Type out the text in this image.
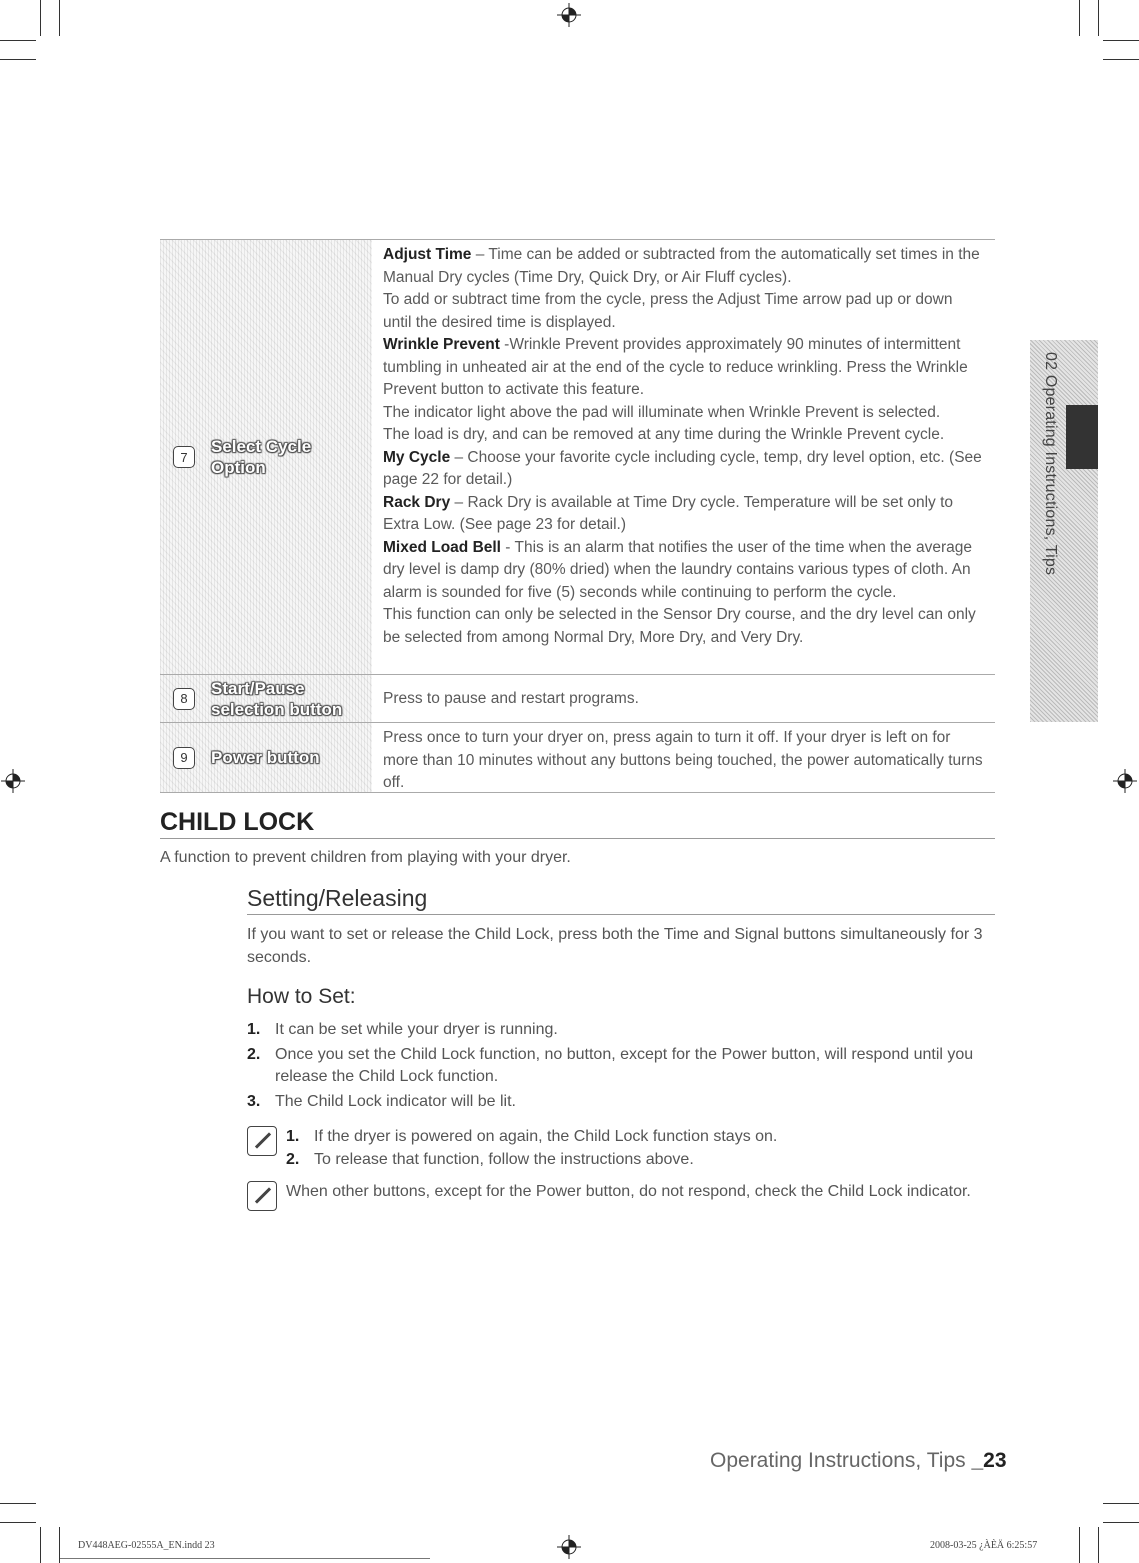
02 Operating Instructions, Tips
7
Select Cycle
Option

Adjust Time – Time can be added or subtracted from the automatically set times in the Manual Dry cycles (Time Dry, Quick Dry, or Air Fluff cycles).

To add or subtract time from the cycle, press the Adjust Time arrow pad up or down until the desired time is displayed.

Wrinkle Prevent -Wrinkle Prevent provides approximately 90 minutes of intermittent tumbling in unheated air at the end of the cycle to reduce wrinkling. Press the Wrinkle Prevent button to activate this feature.

The indicator light above the pad will illuminate when Wrinkle Prevent is selected.

The load is dry, and can be removed at any time during the Wrinkle Prevent cycle.

My Cycle – Choose your favorite cycle including cycle, temp, dry level option, etc. (See page 22 for detail.)

Rack Dry – Rack Dry is available at Time Dry cycle. Temperature will be set only to Extra Low. (See page 23 for detail.)

Mixed Load Bell - This is an alarm that notifies the user of the time when the average dry level is damp dry (80% dried) when the laundry contains various types of cloth. An alarm is sounded for five (5) seconds while continuing to perform the cycle.

This function can only be selected in the Sensor Dry course, and the dry level can only be selected from among Normal Dry, More Dry, and Very Dry.

8
Start/Pause
selection button

Press to pause and restart programs.

9	Power button

Press once to turn your dryer on, press again to turn it off. If your dryer is left on for more than 10 minutes without any buttons being touched, the power automatically turns off.

CHILD LOCK
A function to prevent children from playing with your dryer.
Setting/Releasing
If you want to set or release the Child Lock, press both the Time and Signal buttons simultaneously for 3 seconds.
How to Set:
1. It can be set while your dryer is running.
2. Once you set the Child Lock function, no button, except for the Power button, will respond until you release the Child Lock function.
3. The Child Lock indicator will be lit.
1. If the dryer is powered on again, the Child Lock function stays on.
2. To release that function, follow the instructions above.
When other buttons, except for the Power button, do not respond, check the Child Lock indicator.
Operating Instructions, Tips _23
DV448AEG-02555A_EN.indd 23	2008-03-25 ¿ÀÈÄ 6:25:57
